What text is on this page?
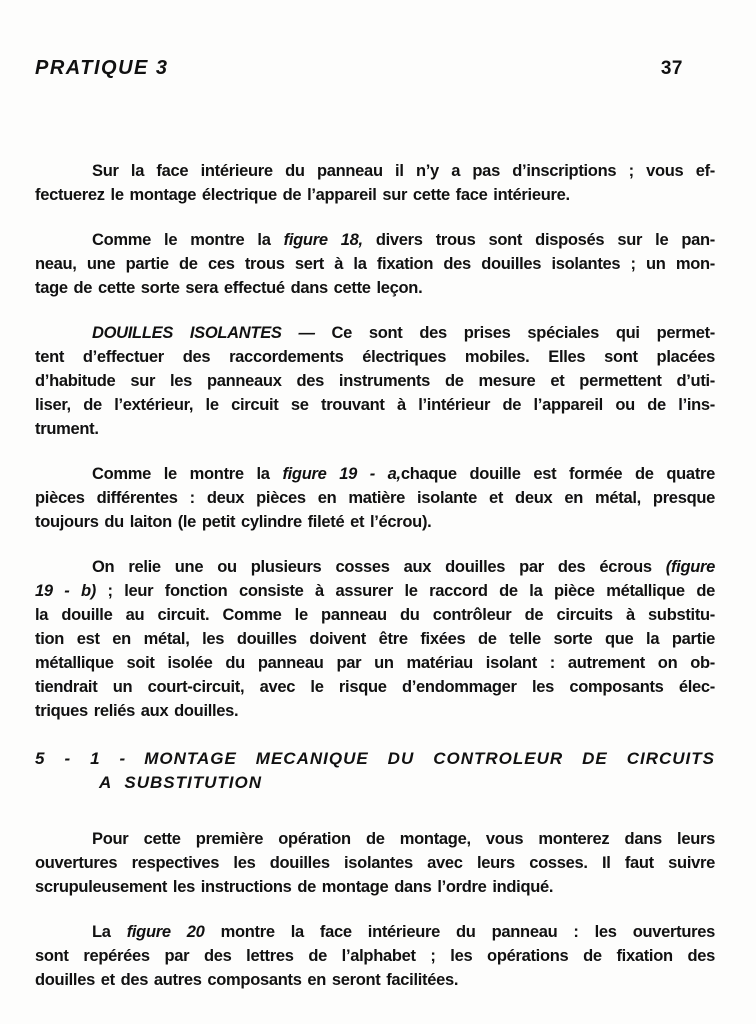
PRATIQUE 3	37
Sur la face intérieure du panneau il n’y a pas d’inscriptions ; vous ef-
fectuerez le montage électrique de l’appareil sur cette face intérieure.
Comme le montre la figure 18, divers trous sont disposés sur le pan-
neau, une partie de ces trous sert à la fixation des douilles isolantes ; un mon-
tage de cette sorte sera effectué dans cette leçon.
DOUILLES ISOLANTES — Ce sont des prises spéciales qui permet-
tent d’effectuer des raccordements électriques mobiles. Elles sont placées
d’habitude sur les panneaux des instruments de mesure et permettent d’uti-
liser, de l’extérieur, le circuit se trouvant à l’intérieur de l’appareil ou de l’ins-
trument.
Comme le montre la figure 19 - a,chaque douille est formée de quatre
pièces différentes : deux pièces en matière isolante et deux en métal, presque
toujours du laiton (le petit cylindre fileté et l’écrou).
On relie une ou plusieurs cosses aux douilles par des écrous (figure
19 - b) ; leur fonction consiste à assurer le raccord de la pièce métallique de
la douille au circuit. Comme le panneau du contrôleur de circuits à substitu-
tion est en métal, les douilles doivent être fixées de telle sorte que la partie
métallique soit isolée du panneau par un matériau isolant : autrement on ob-
tiendrait un court-circuit, avec le risque d’endommager les composants élec-
triques reliés aux douilles.
5 - 1 - MONTAGE MECANIQUE DU CONTROLEUR DE CIRCUITS
A SUBSTITUTION
Pour cette première opération de montage, vous monterez dans leurs
ouvertures respectives les douilles isolantes avec leurs cosses. Il faut suivre
scrupuleusement les instructions de montage dans l’ordre indiqué.
La figure 20 montre la face intérieure du panneau : les ouvertures
sont repérées par des lettres de l’alphabet ; les opérations de fixation des
douilles et des autres composants en seront facilitées.
